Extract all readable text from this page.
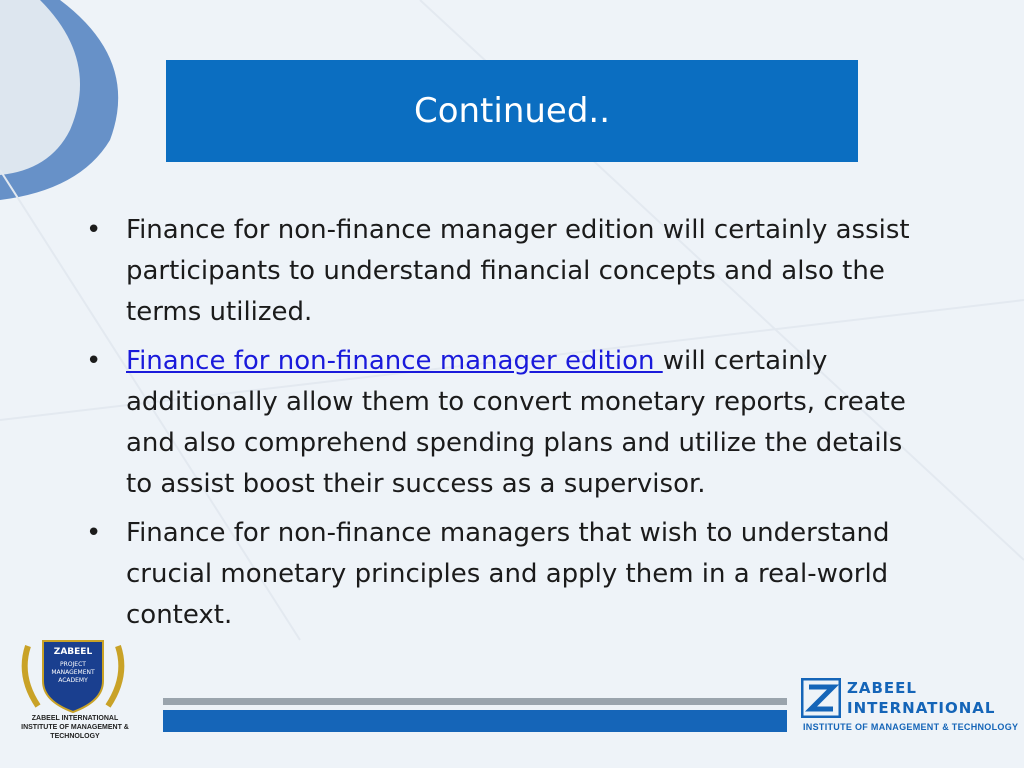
Continued..
• Finance for non-finance manager edition will certainly assist participants to understand financial concepts and also the terms utilized.
• Finance for non-finance manager edition will certainly additionally allow them to convert monetary reports, create and also comprehend spending plans and utilize the details to assist boost their success as a supervisor.
• Finance for non-finance managers that wish to understand crucial monetary principles and apply them in a real-world context.
ZABEEL
PROJECT
MANAGEMENT
ACADEMY
ZABEEL INTERNATIONAL
INSTITUTE OF MANAGEMENT & TECHNOLOGY
ZABEEL
INTERNATIONAL
INSTITUTE OF MANAGEMENT & TECHNOLOGY
